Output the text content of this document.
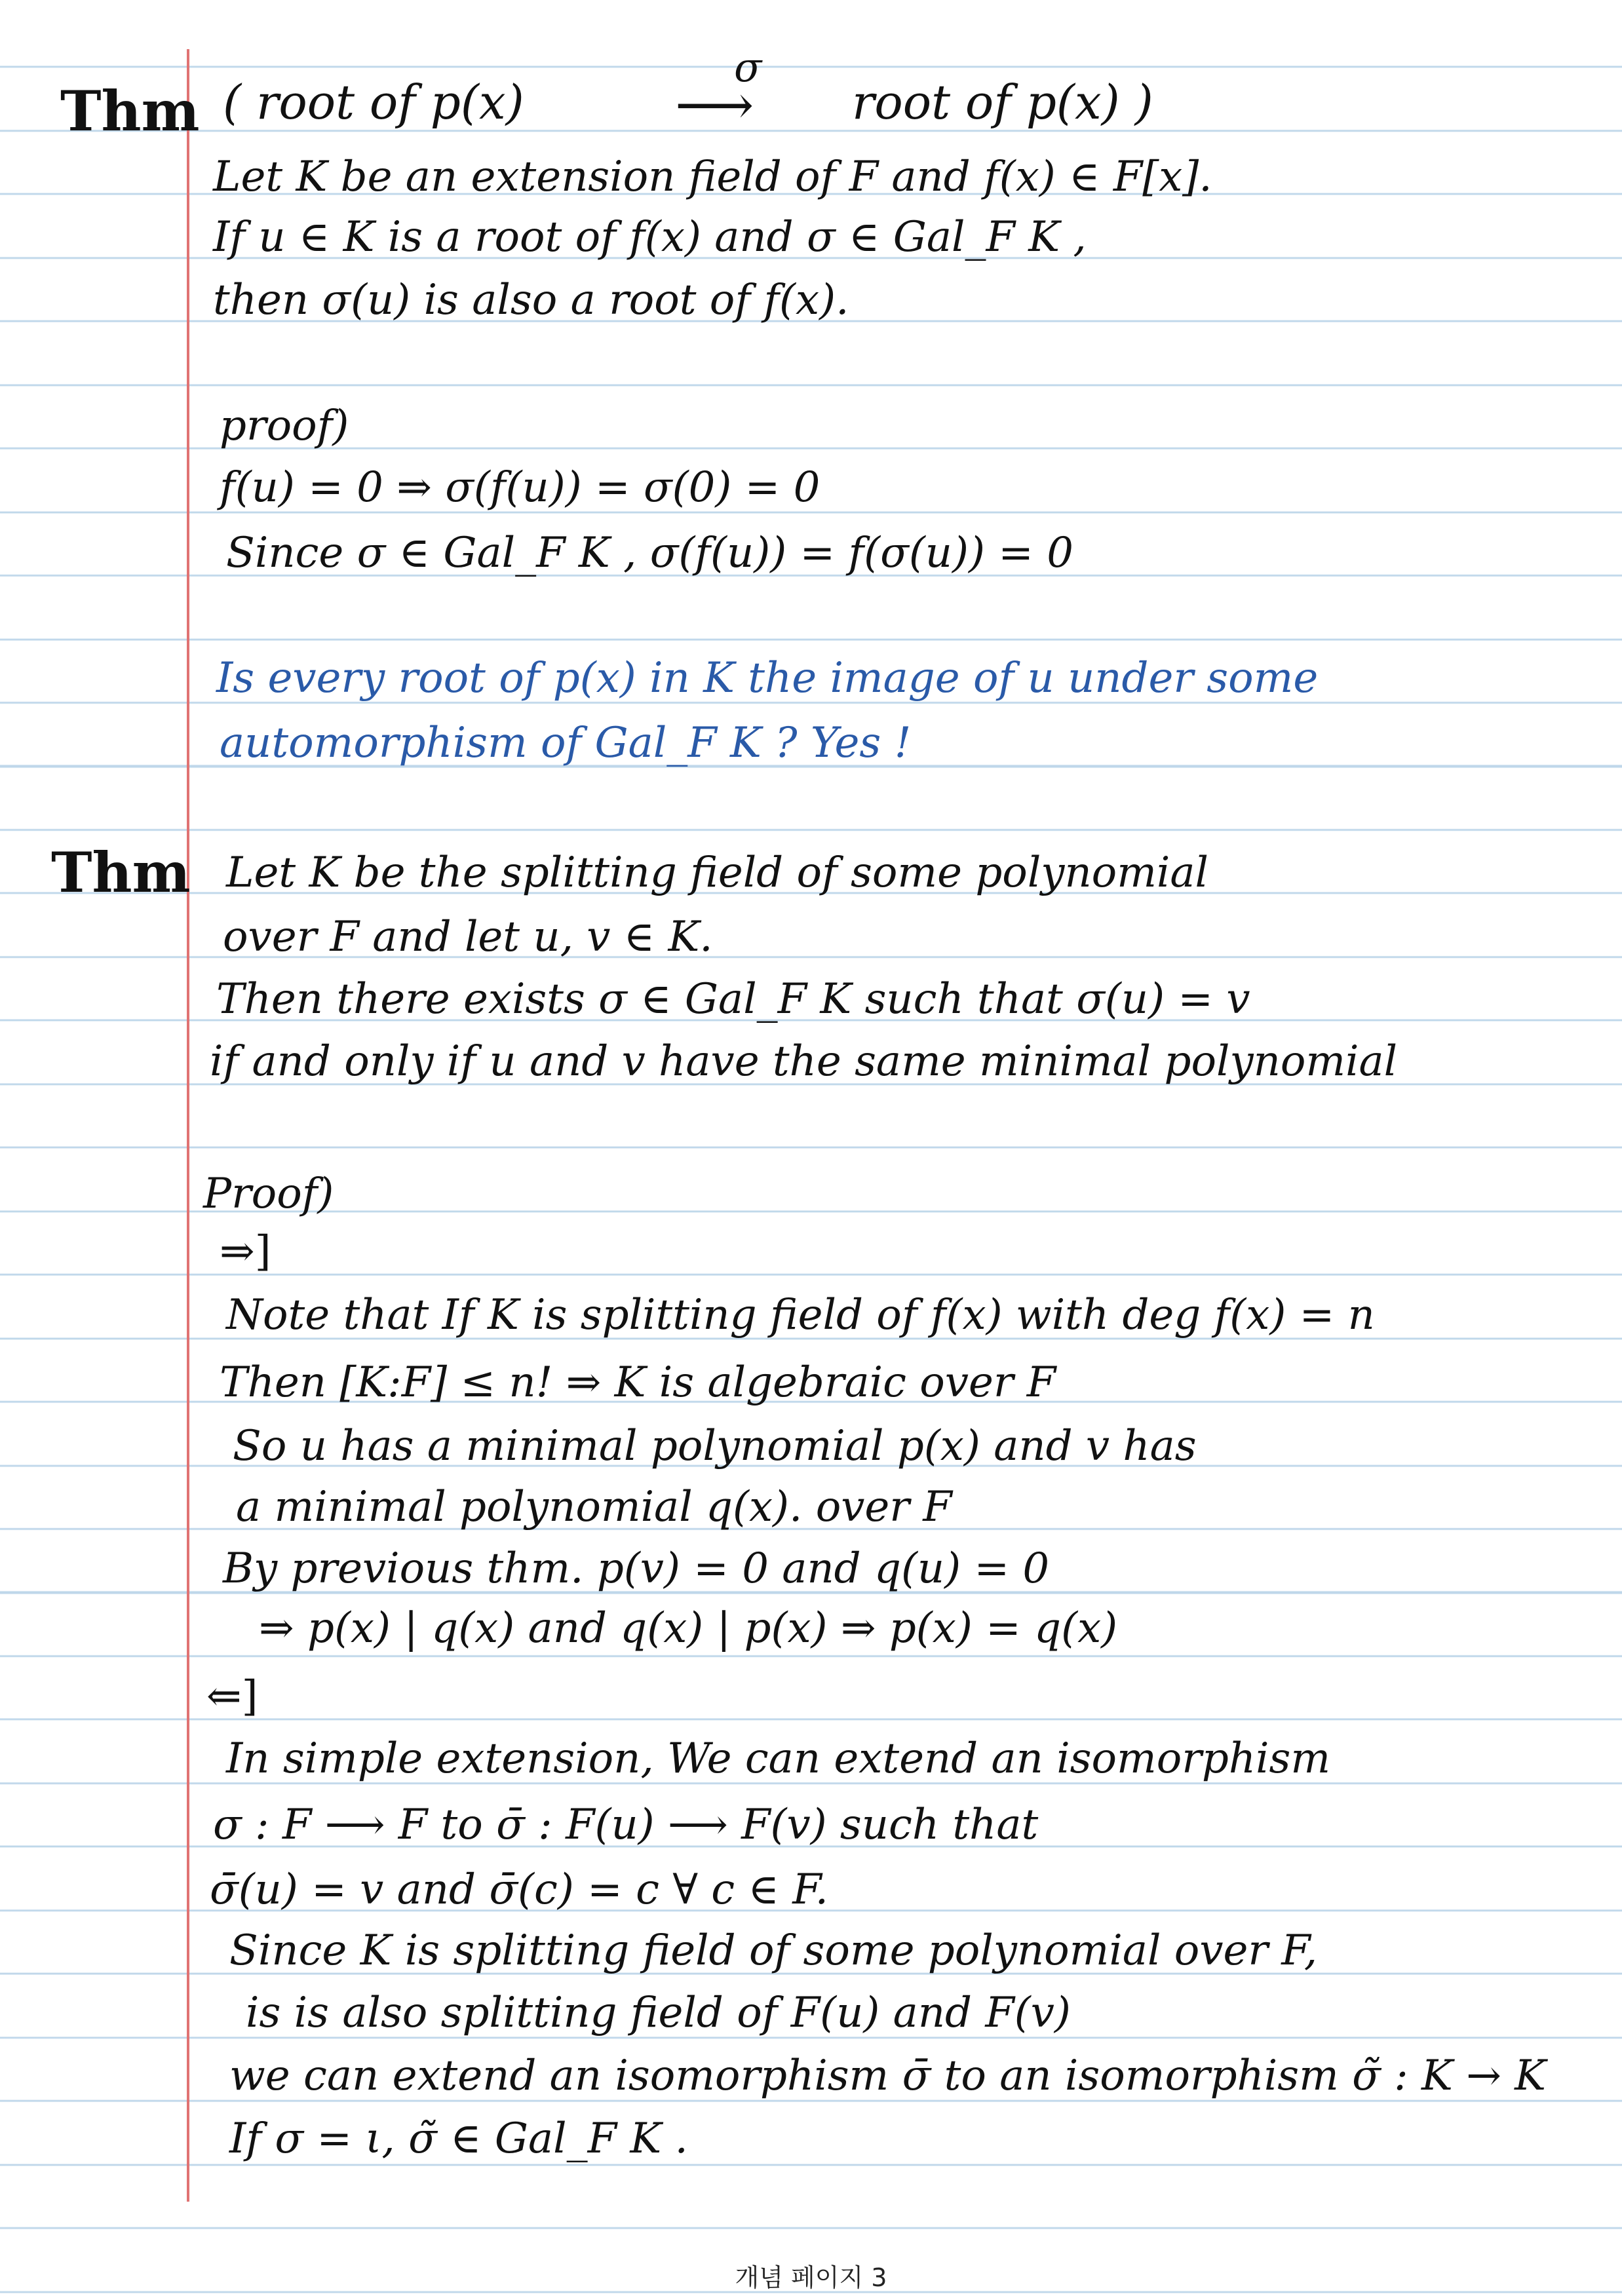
Thm ( root of p(x)
σ
⟶ root of p(x) )
Let K be an extension field of F and f(x) ∈ F[x].
If u ∈ K is a root of f(x) and σ ∈ Gal_F K ,
then σ(u) is also a root of f(x).
proof)
f(u) = 0 ⇒ σ(f(u)) = σ(0) = 0
Since σ ∈ Gal_F K , σ(f(u)) = f(σ(u)) = 0
Is every root of p(x) in K the image of u under some
automorphism of Gal_F K ? Yes !
Thm Let K be the splitting field of some polynomial
over F and let u, v ∈ K.
Then there exists σ ∈ Gal_F K such that σ(u) = v
if and only if u and v have the same minimal polynomial
Proof)
⇒]
Note that If K is splitting field of f(x) with deg f(x) = n
Then [K:F] ≤ n! ⇒ K is algebraic over F
So u has a minimal polynomial p(x) and v has
a minimal polynomial q(x). over F
By previous thm. p(v) = 0 and q(u) = 0
⇒ p(x) | q(x) and q(x) | p(x) ⇒ p(x) = q(x)
⇐]
In simple extension, We can extend an isomorphism
σ : F ⟶ F to σ̄ : F(u) ⟶ F(v) such that
σ̄(u) = v and σ̄(c) = c ∀ c ∈ F.
Since K is splitting field of some polynomial over F,
is is also splitting field of F(u) and F(v)
we can extend an isomorphism σ̄ to an isomorphism σ̃ : K → K
If σ = ι, σ̃ ∈ Gal_F K .
개념 페이지 3
